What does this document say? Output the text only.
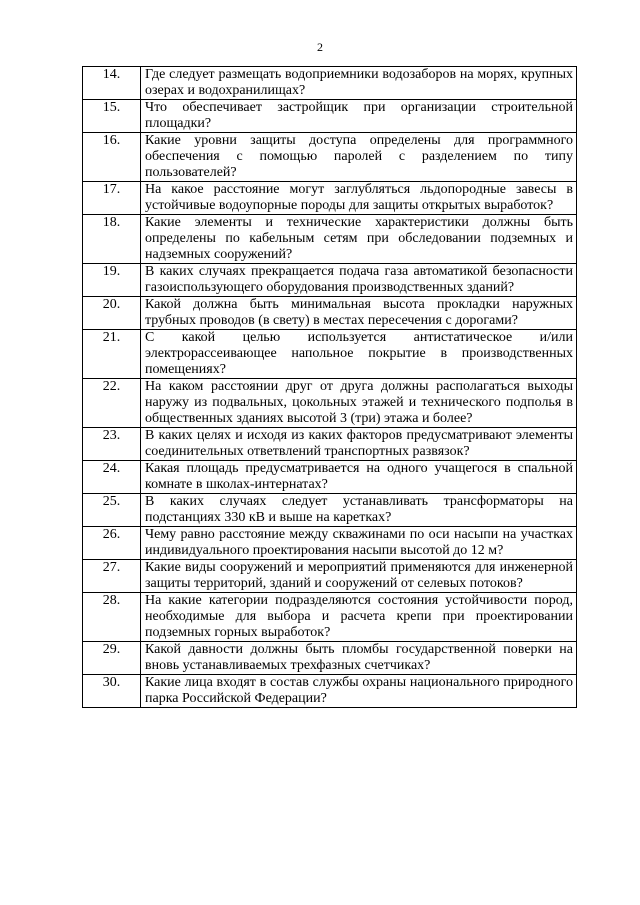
2
14.	Где следует размещать водоприемники водозаборов на морях, крупных озерах и водохранилищах?
15.	Что обеспечивает застройщик при организации строительной площадки?
16.	Какие уровни защиты доступа определены для программного обеспечения с помощью паролей с разделением по типу пользователей?
17.	На какое расстояние могут заглубляться льдопородные завесы в устойчивые водоупорные породы для защиты открытых выработок?
18.	Какие элементы и технические характеристики должны быть определены по кабельным сетям при обследовании подземных и надземных сооружений?
19.	В каких случаях прекращается подача газа автоматикой безопасности газоиспользующего оборудования производственных зданий?
20.	Какой должна быть минимальная высота прокладки наружных трубных проводов (в свету) в местах пересечения с дорогами?
21.	С какой целью используется антистатическое и/или электрорассеивающее напольное покрытие в производственных помещениях?
22.	На каком расстоянии друг от друга должны располагаться выходы наружу из подвальных, цокольных этажей и технического подполья в общественных зданиях высотой 3 (три) этажа и более?
23.	В каких целях и исходя из каких факторов предусматривают элементы соединительных ответвлений транспортных развязок?
24.	Какая площадь предусматривается на одного учащегося в спальной комнате в школах-интернатах?
25.	В каких случаях следует устанавливать трансформаторы на подстанциях 330 кВ и выше на каретках?
26.	Чему равно расстояние между скважинами по оси насыпи на участках индивидуального проектирования насыпи высотой до 12 м?
27.	Какие виды сооружений и мероприятий применяются для инженерной защиты территорий, зданий и сооружений от селевых потоков?
28.	На какие категории подразделяются состояния устойчивости пород, необходимые для выбора и расчета крепи при проектировании подземных горных выработок?
29.	Какой давности должны быть пломбы государственной поверки на вновь устанавливаемых трехфазных счетчиках?
30.	Какие лица входят в состав службы охраны национального природного парка Российской Федерации?
